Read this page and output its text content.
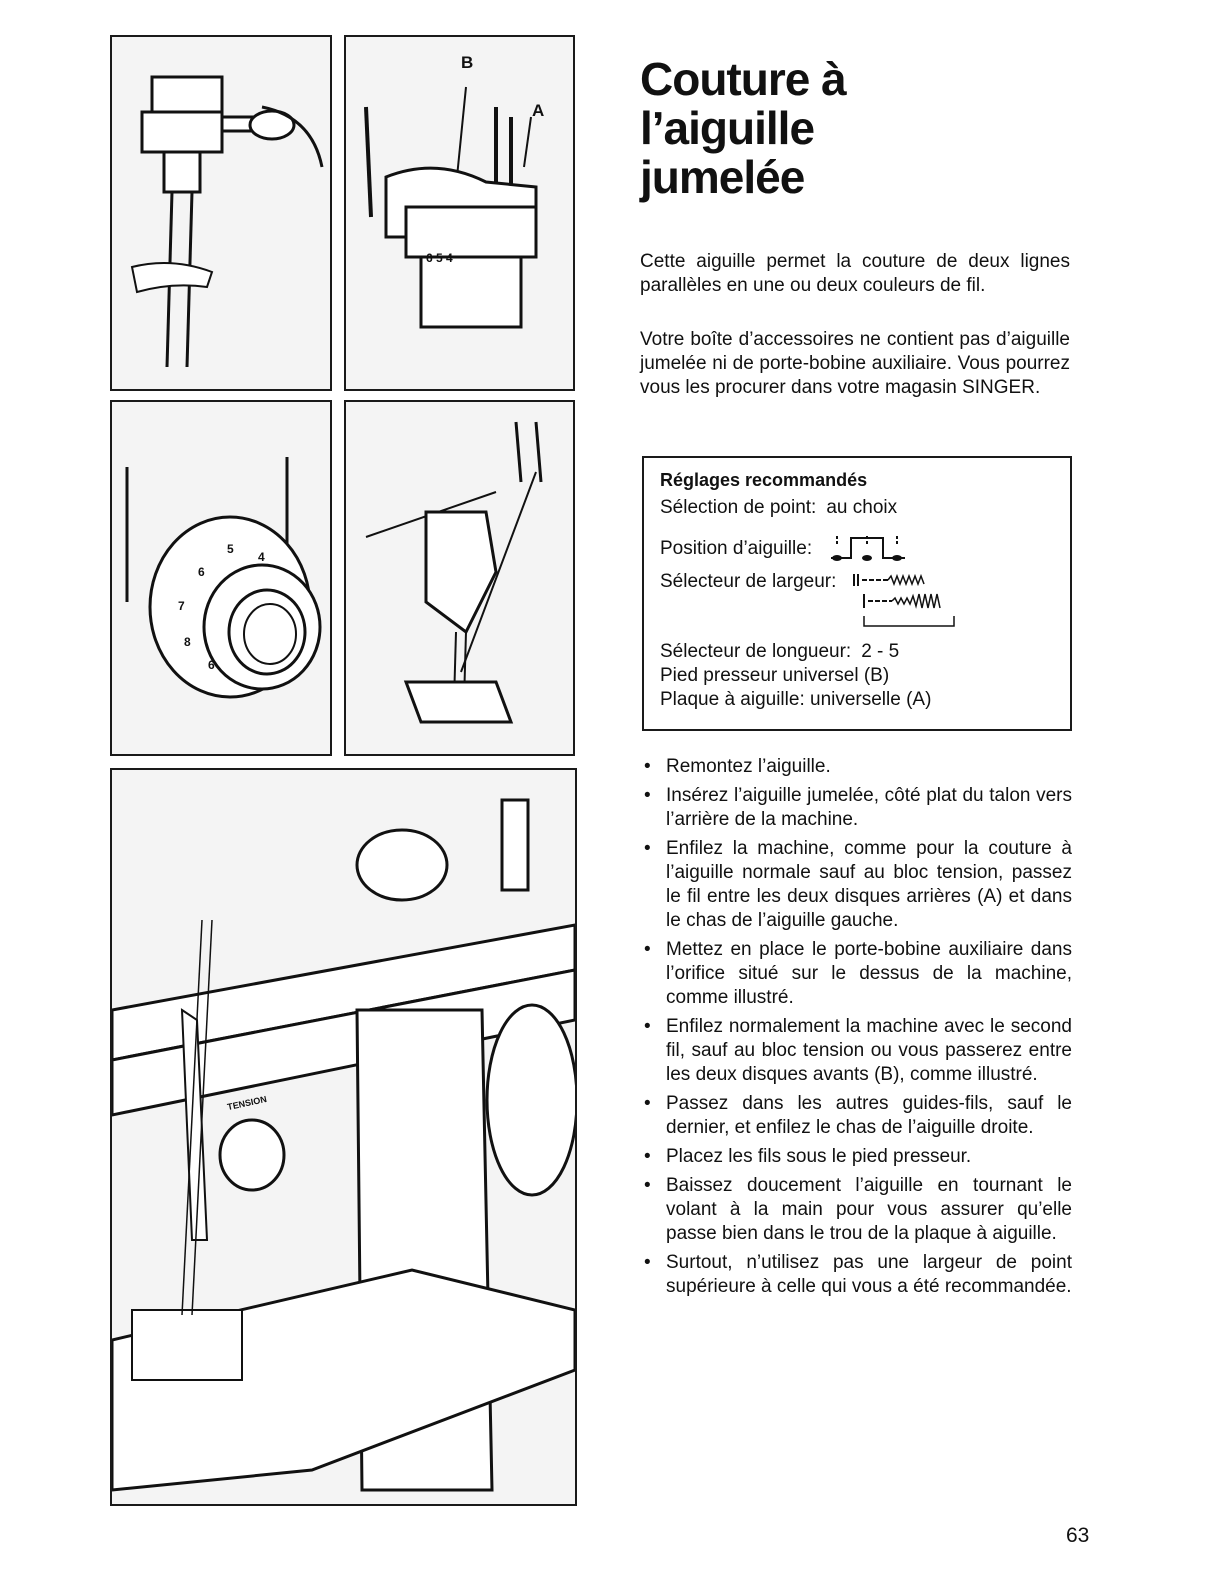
B
A
6 5 4
5
4
6
7
8
6
TENSION
Couture à
l’aiguille
jumelée

Cette aiguille permet la couture de deux lignes parallèles en une ou deux couleurs de fil.

Votre boîte d’accessoires ne contient pas d’aiguille jumelée ni de porte-bobine auxiliaire. Vous pourrez vous les procurer dans votre magasin SINGER.

Réglages recommandés
Sélection de point: au choix
Position d’aiguille:
Sélecteur de largeur:
Sélecteur de longueur: 2 - 5
Pied presseur universel (B)
Plaque à aiguille: universelle (A)
• Remontez l’aiguille.
• Insérez l’aiguille jumelée, côté plat du talon vers l’arrière de la machine.
• Enfilez la machine, comme pour la couture à l’aiguille normale sauf au bloc tension, passez le fil entre les deux disques arrières (A) et dans le chas de l’aiguille gauche.
• Mettez en place le porte-bobine auxiliaire dans l’orifice situé sur le dessus de la machine, comme illustré.
• Enfilez normalement la machine avec le second fil, sauf au bloc tension ou vous passerez entre les deux disques avants (B), comme illustré.
• Passez dans les autres guides-fils, sauf le dernier, et enfilez le chas de l’aiguille droite.
• Placez les fils sous le pied presseur.
• Baissez doucement l’aiguille en tournant le volant à la main pour vous assurer qu’elle passe bien dans le trou de la plaque à aiguille.
• Surtout, n’utilisez pas une largeur de point supérieure à celle qui vous a été recommandée.
63
